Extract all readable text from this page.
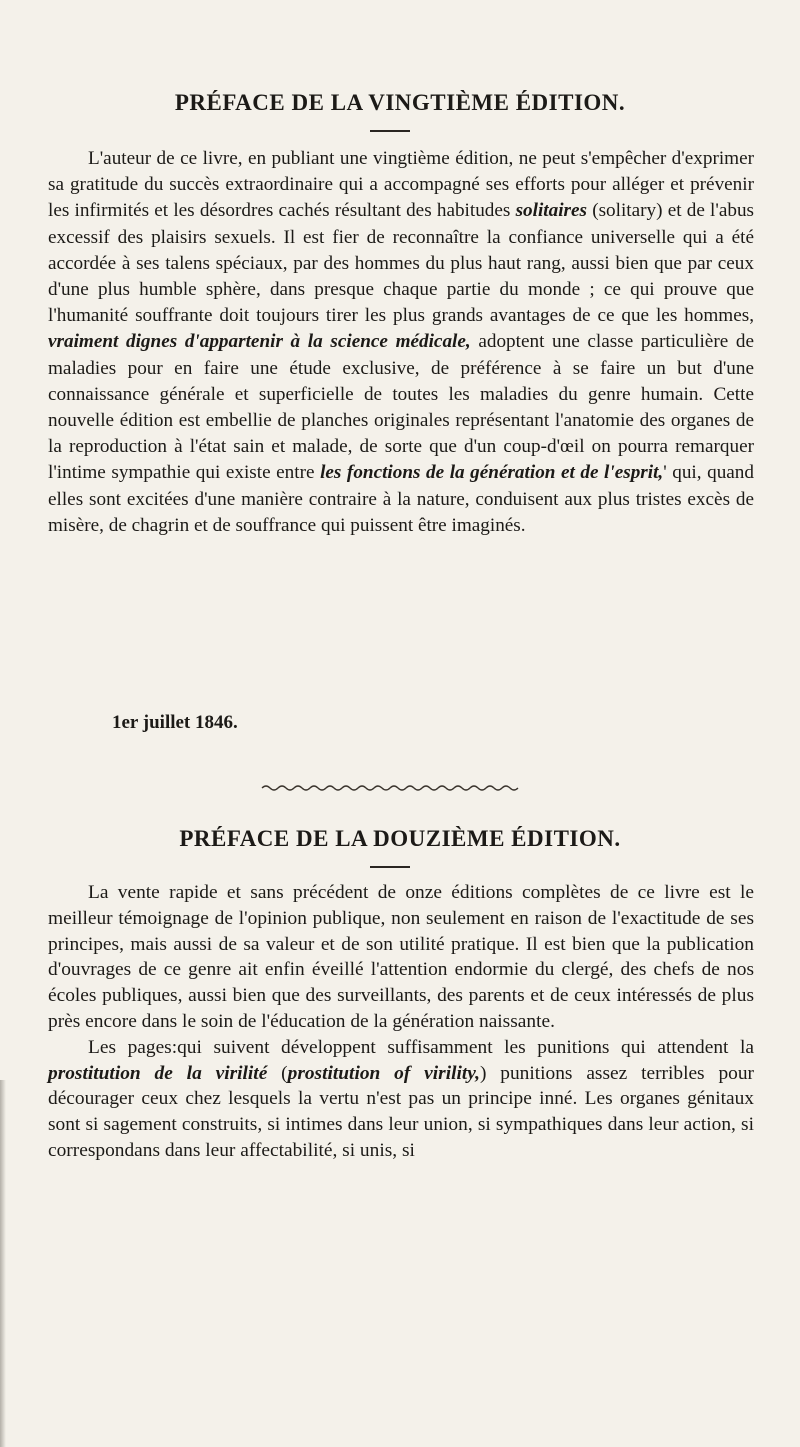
PRÉFACE DE LA VINGTIÈME ÉDITION.

L'auteur de ce livre, en publiant une vingtième édition, ne peut s'empêcher d'exprimer sa gratitude du succès extraordinaire qui a accompagné ses efforts pour alléger et prévenir les infirmités et les désordres cachés résultant des habitudes solitaires (solitary) et de l'abus excessif des plaisirs sexuels. Il est fier de reconnaître la confiance universelle qui a été accordée à ses talens spéciaux, par des hommes du plus haut rang, aussi bien que par ceux d'une plus humble sphère, dans presque chaque partie du monde ; ce qui prouve que l'humanité souffrante doit toujours tirer les plus grands avantages de ce que les hommes, vraiment dignes d'appartenir à la science médicale, adoptent une classe particulière de maladies pour en faire une étude exclusive, de préférence à se faire un but d'une connaissance générale et superficielle de toutes les maladies du genre humain. Cette nouvelle édition est embellie de planches originales représentant l'anatomie des organes de la reproduction à l'état sain et malade, de sorte que d'un coup-d'œil on pourra remarquer l'intime sympathie qui existe entre les fonctions de la génération et de l'esprit,' qui, quand elles sont excitées d'une manière contraire à la nature, conduisent aux plus tristes excès de misère, de chagrin et de souffrance qui puissent être imaginés.

1er juillet 1846.
PRÉFACE DE LA DOUZIÈME ÉDITION.

La vente rapide et sans précédent de onze éditions complètes de ce livre est le meilleur témoignage de l'opinion publique, non seulement en raison de l'exactitude de ses principes, mais aussi de sa valeur et de son utilité pratique. Il est bien que la publication d'ouvrages de ce genre ait enfin éveillé l'attention endormie du clergé, des chefs de nos écoles publiques, aussi bien que des surveillants, des parents et de ceux intéressés de plus près encore dans le soin de l'éducation de la génération naissante.

Les pages:qui suivent développent suffisamment les punitions qui attendent la prostitution de la virilité (prostitution of virility,) punitions assez terribles pour décourager ceux chez lesquels la vertu n'est pas un principe inné. Les organes génitaux sont si sagement construits, si intimes dans leur union, si sympathiques dans leur action, si correspondans dans leur affectabilité, si unis, si
